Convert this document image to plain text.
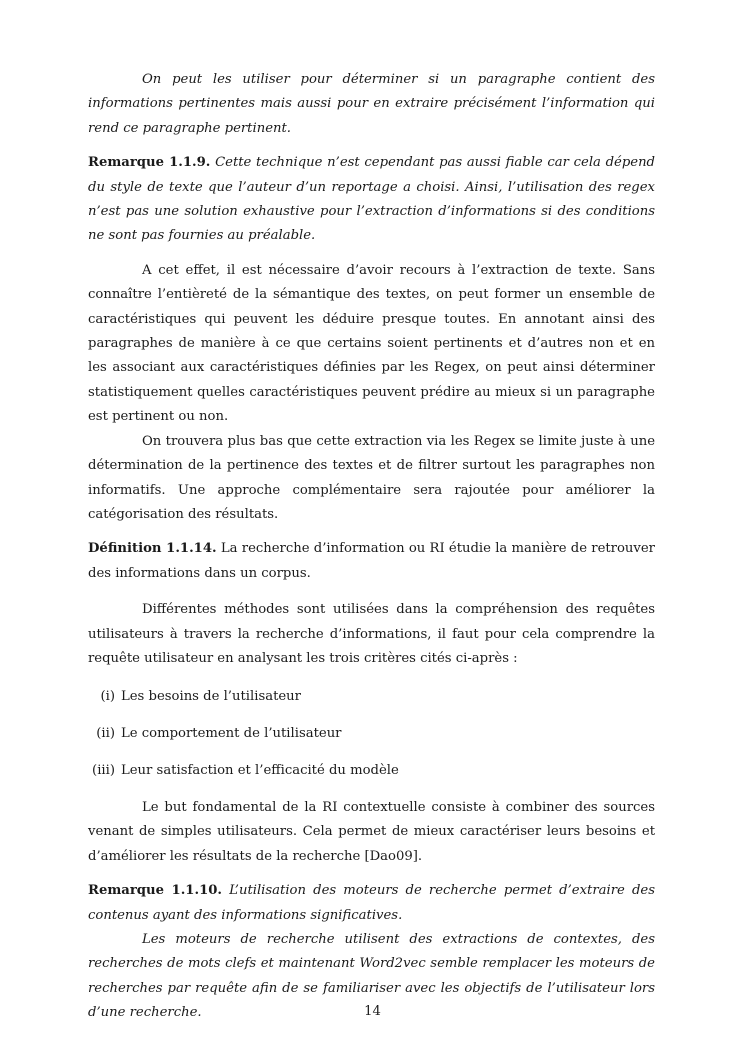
On peut les utiliser pour déterminer si un paragraphe contient des informations pertinentes mais aussi pour en extraire précisément l’information qui rend ce paragraphe pertinent.

Remarque 1.1.9. Cette technique n’est cependant pas aussi fiable car cela dépend du style de texte que l’auteur d’un reportage a choisi. Ainsi, l’utilisation des regex n’est pas une solution exhaustive pour l’extraction d’informations si des conditions ne sont pas fournies au préalable.

A cet effet, il est nécessaire d’avoir recours à l’extraction de texte. Sans connaître l’entièreté de la sémantique des textes, on peut former un ensemble de caractéristiques qui peuvent les déduire presque toutes. En annotant ainsi des paragraphes de manière à ce que certains soient pertinents et d’autres non et en les associant aux caractéristiques définies par les Regex, on peut ainsi déterminer statistiquement quelles caractéristiques peuvent prédire au mieux si un paragraphe est pertinent ou non.

On trouvera plus bas que cette extraction via les Regex se limite juste à une détermination de la pertinence des textes et de filtrer surtout les paragraphes non informatifs. Une approche complémentaire sera rajoutée pour améliorer la catégorisation des résultats.

Définition 1.1.14. La recherche d’information ou RI étudie la manière de retrouver des informations dans un corpus.

Différentes méthodes sont utilisées dans la compréhension des requêtes utilisateurs à travers la recherche d’informations, il faut pour cela comprendre la requête utilisateur en analysant les trois critères cités ci-après :

(i) Les besoins de l’utilisateur
(ii) Le comportement de l’utilisateur
(iii) Leur satisfaction et l’efficacité du modèle

Le but fondamental de la RI contextuelle consiste à combiner des sources venant de simples utilisateurs. Cela permet de mieux caractériser leurs besoins et d’améliorer les résultats de la recherche [Dao09].

Remarque 1.1.10. L’utilisation des moteurs de recherche permet d’extraire des contenus ayant des informations significatives.

Les moteurs de recherche utilisent des extractions de contextes, des recherches de mots clefs et maintenant Word2vec semble remplacer les moteurs de recherches par requête afin de se familiariser avec les objectifs de l’utilisateur lors d’une recherche.	14
